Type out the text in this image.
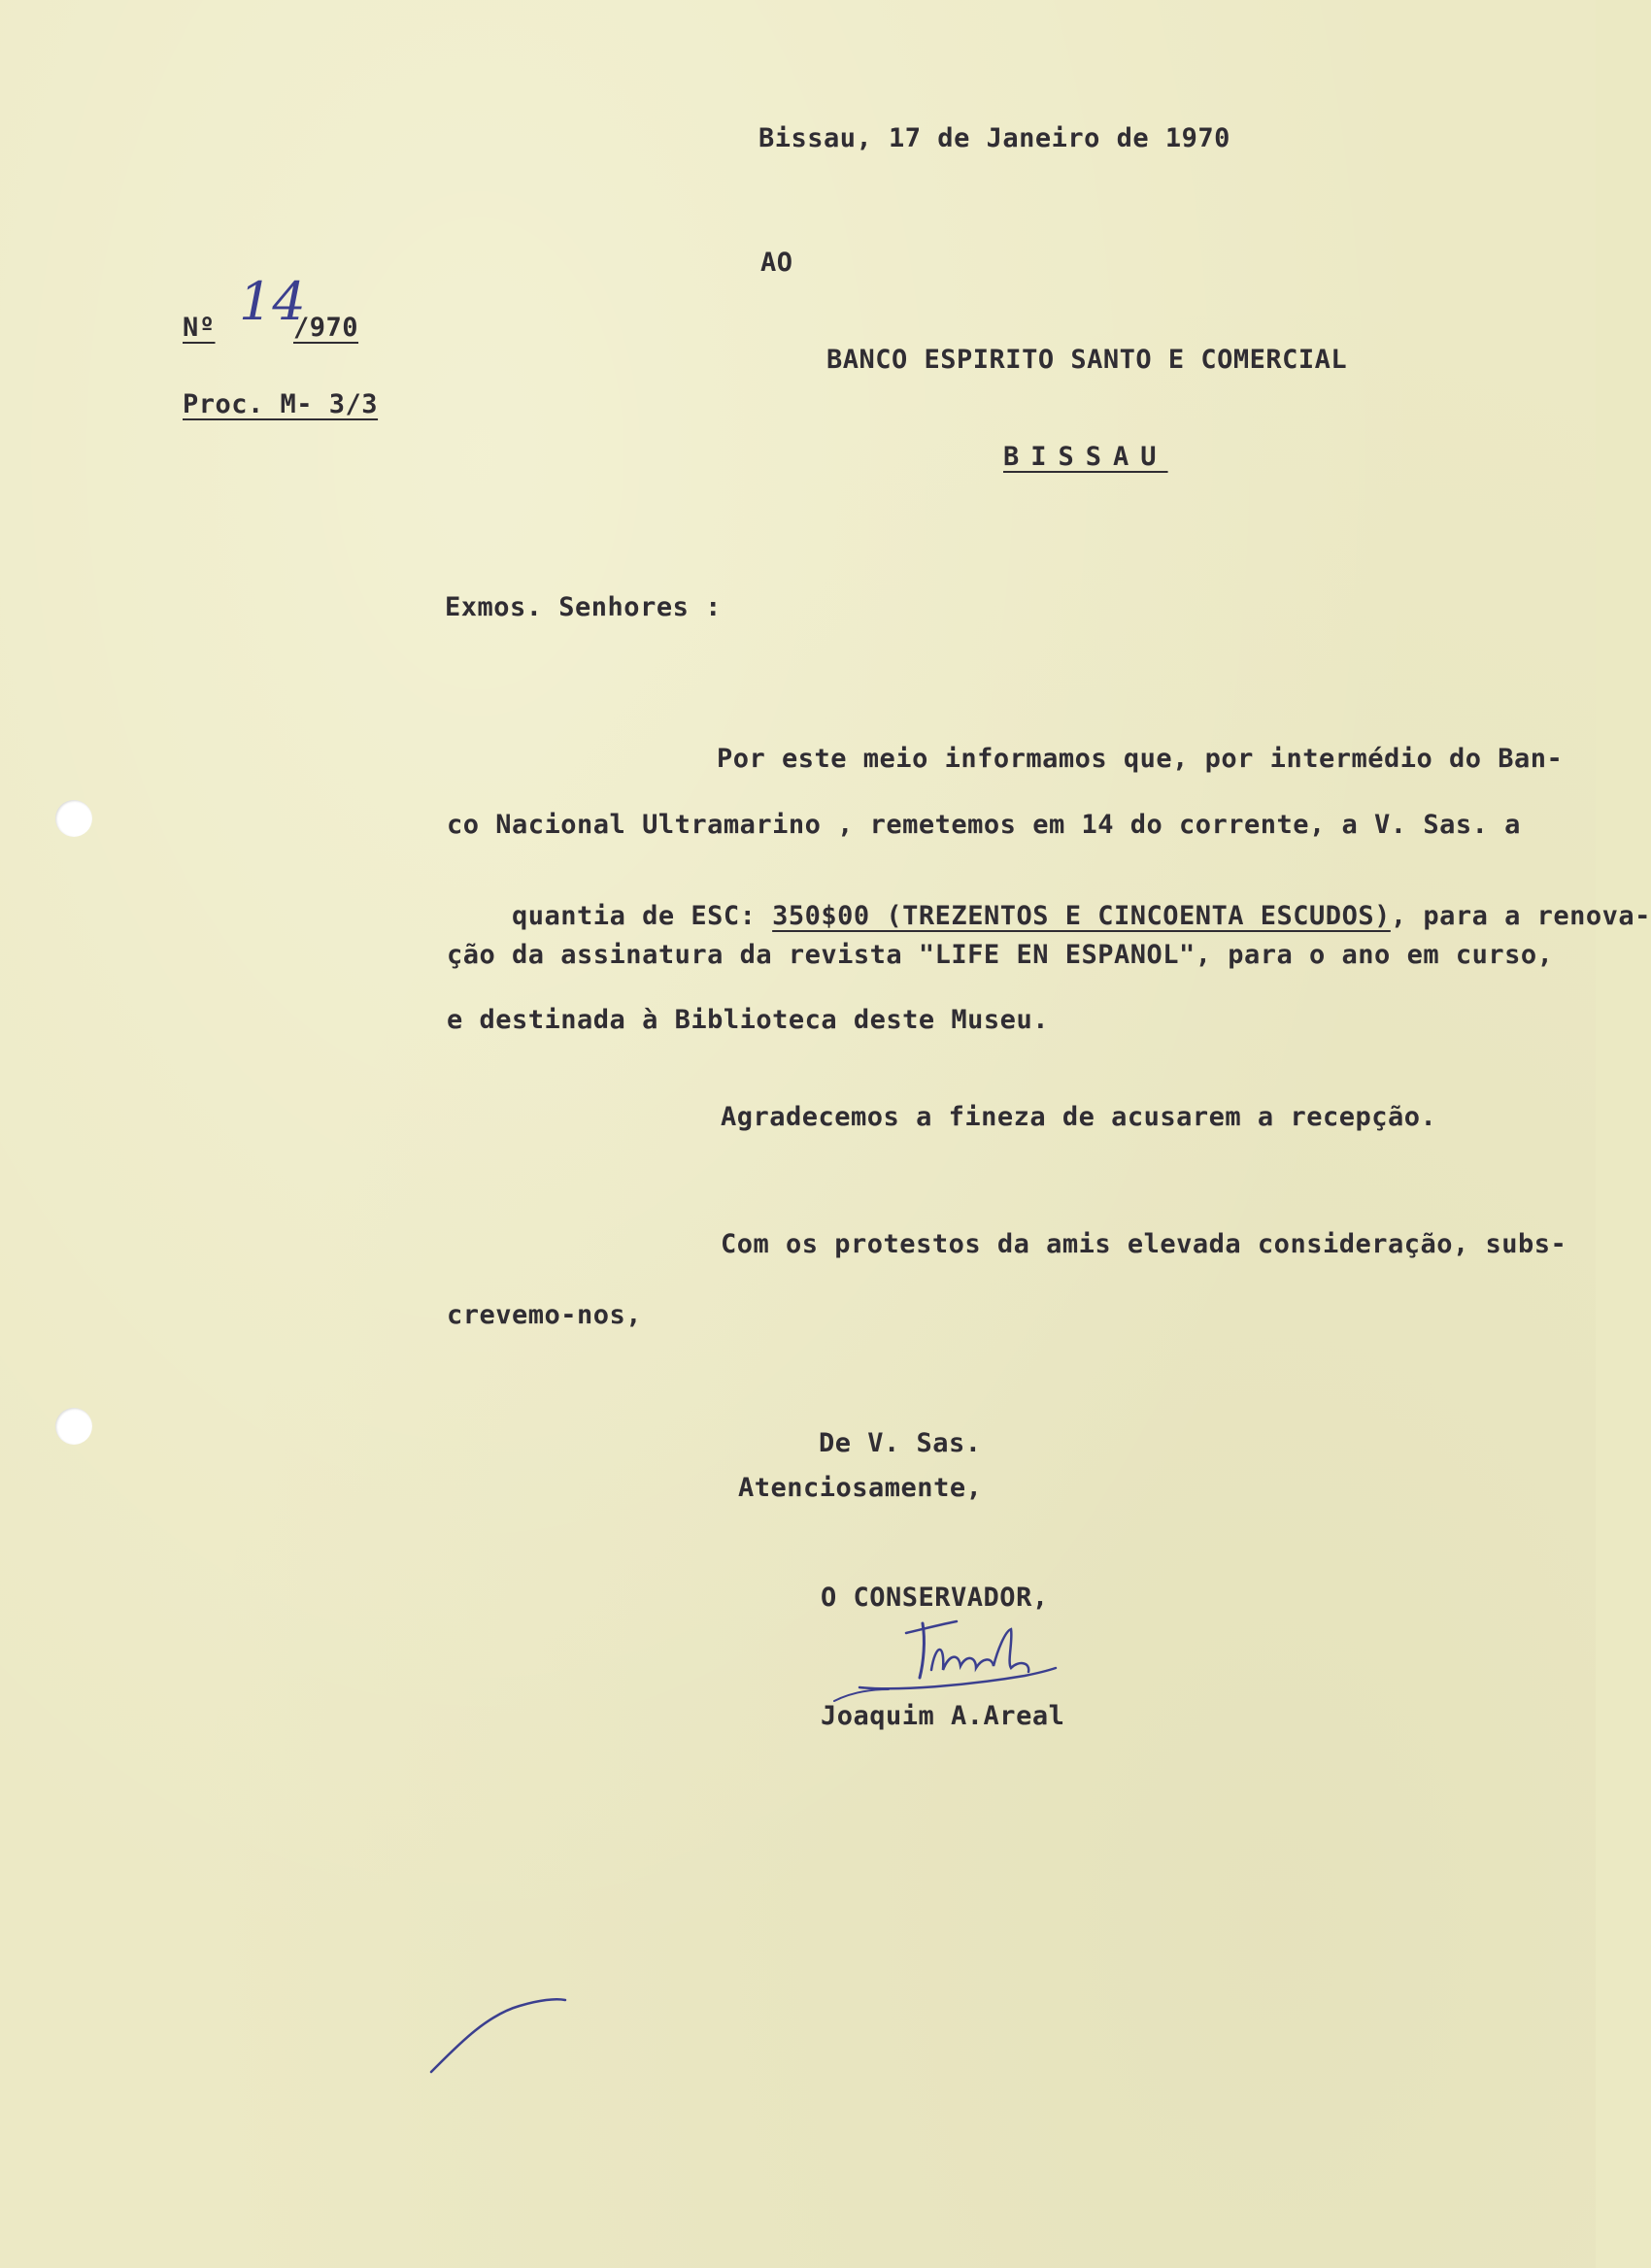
Bissau, 17 de Janeiro de 1970
AO
Nº 14
/970
Proc. M- 3/3
BANCO ESPIRITO SANTO E COMERCIAL
BISSAU
Exmos. Senhores :
Por este meio informamos que, por intermédio do Ban-
co Nacional Ultramarino , remetemos em 14 do corrente, a V. Sas. a

quantia de ESC: 350$00 (TREZENTOS E CINCOENTA ESCUDOS), para a renova-

ção da assinatura da revista "LIFE EN ESPANOL", para o ano em curso,
e destinada à Biblioteca deste Museu.
Agradecemos a fineza de acusarem a recepção.
Com os protestos da amis elevada consideração, subs-
crevemo-nos,
De V. Sas.
Atenciosamente,
O CONSERVADOR,
Joaquim A.Areal
